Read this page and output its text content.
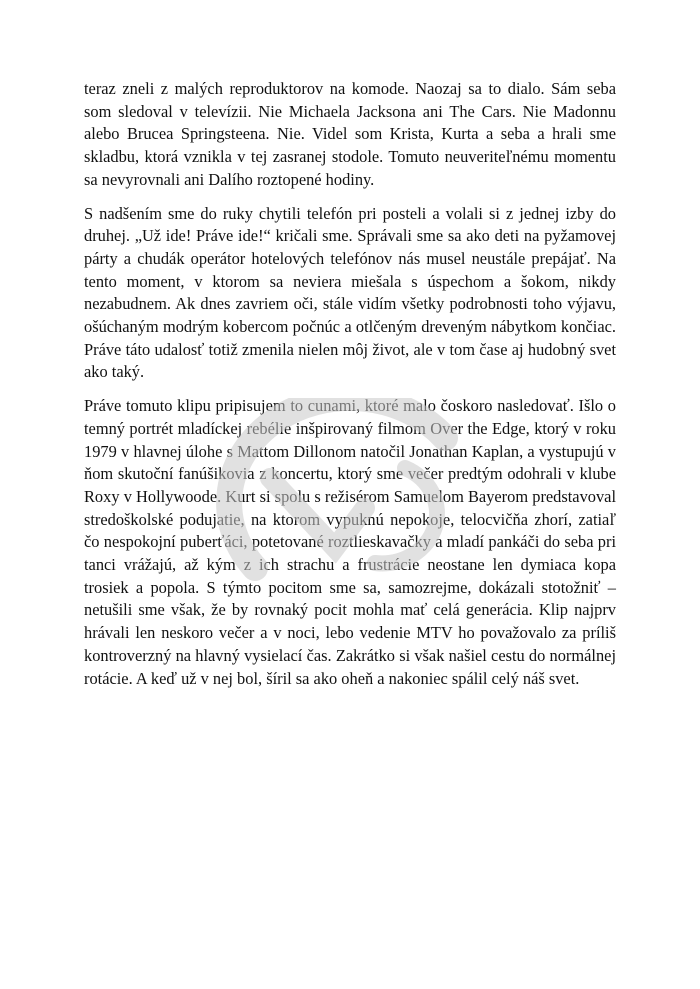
teraz zneli z malých reproduktorov na komode. Naozaj sa to dialo. Sám seba som sledoval v televízii. Nie Michaela Jacksona ani The Cars. Nie Madonnu alebo Brucea Springsteena. Nie. Videl som Krista, Kurta a seba a hrali sme skladbu, ktorá vznikla v tej zasranej stodole. Tomuto neuveriteľnému momentu sa nevyrovnali ani Dalího roztopené hodiny.

S nadšením sme do ruky chytili telefón pri posteli a volali si z jednej izby do druhej. „Už ide! Práve ide!“ kričali sme. Správali sme sa ako deti na pyžamovej párty a chudák operátor hotelových telefónov nás musel neustále prepájať. Na tento moment, v ktorom sa neviera miešala s úspechom a šokom, nikdy nezabudnem. Ak dnes zavriem oči, stále vidím všetky podrobnosti toho výjavu, ošúchaným modrým kobercom počnúc a otlčeným dreveným nábytkom končiac. Práve táto udalosť totiž zmenila nielen môj život, ale v tom čase aj hudobný svet ako taký.

Práve tomuto klipu pripisujem to cunami, ktoré malo čoskoro nasledovať. Išlo o temný portrét mladíckej rebélie inšpirovaný filmom Over the Edge, ktorý v roku 1979 v hlavnej úlohe s Mattom Dillonom natočil Jonathan Kaplan, a vystupujú v ňom skutoční fanúšikovia z koncertu, ktorý sme večer predtým odohrali v klube Roxy v Hollywoode. Kurt si spolu s režisérom Samuelom Bayerom predstavoval stredoškolské podujatie, na ktorom vypuknú nepokoje, telocvičňa zhorí, zatiaľ čo nespokojní puberťáci, potetované roztlieskavačky a mladí pankáči do seba pri tanci vrážajú, až kým z ich strachu a frustrácie neostane len dymiaca kopa trosiek a popola. S týmto pocitom sme sa, samozrejme, dokázali stotožniť – netušili sme však, že by rovnaký pocit mohla mať celá generácia. Klip najprv hrávali len neskoro večer a v noci, lebo vedenie MTV ho považovalo za príliš kontroverzný na hlavný vysielací čas. Zakrátko si však našiel cestu do normálnej rotácie. A keď už v nej bol, šíril sa ako oheň a nakoniec spálil celý náš svet.
